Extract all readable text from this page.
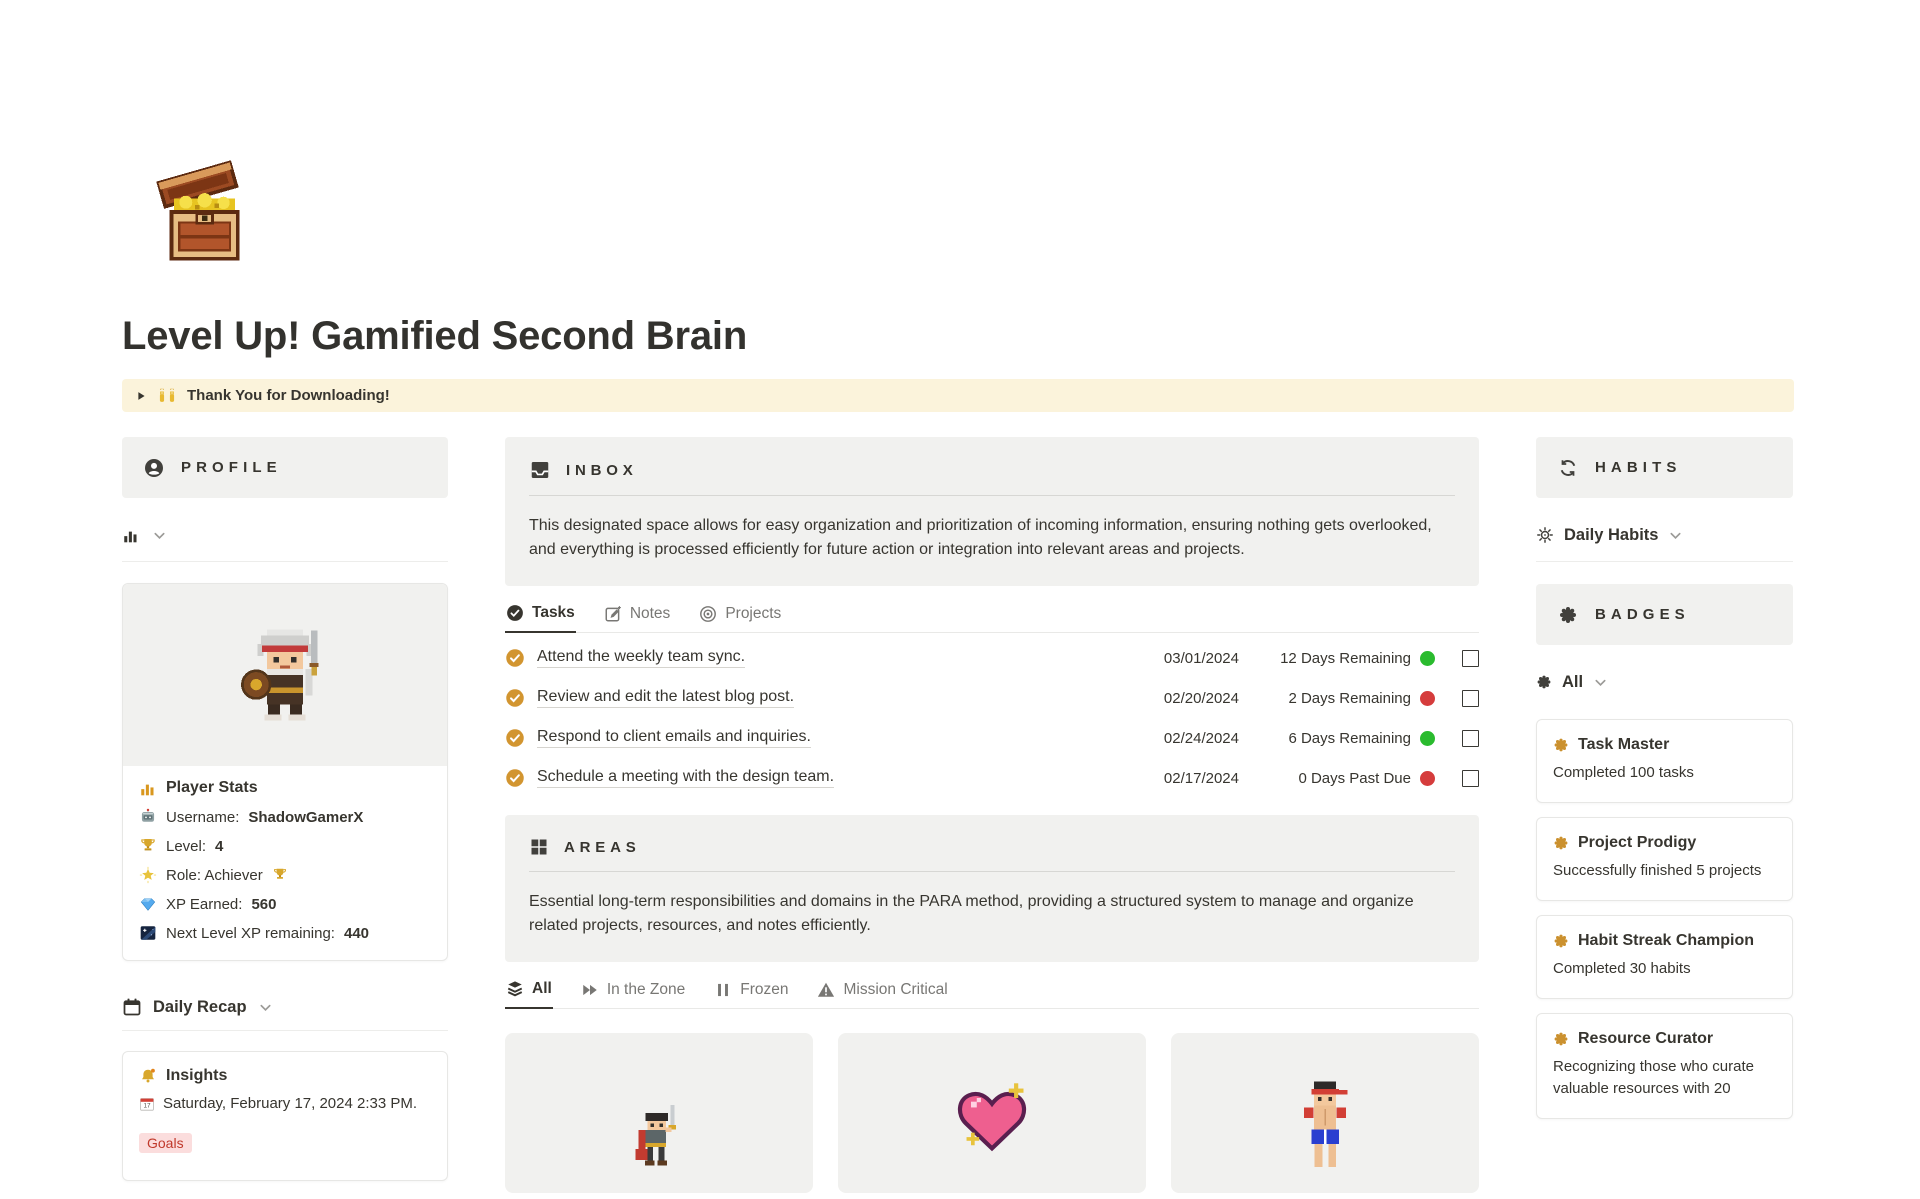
Level Up! Gamified Second Brain
Thank You for Downloading!
PROFILE
Player Stats
Username: ShadowGamerX
Level: 4
Role: Achiever
XP Earned: 560
Next Level XP remaining: 440
Daily Recap
Insights
17 Saturday, February 17, 2024 2:33 PM.
Goals
INBOX

This designated space allows for easy organization and prioritization of incoming information, ensuring nothing gets overlooked, and everything is processed efficiently for future action or integration into relevant areas and projects.

Tasks	Notes	Projects
Attend the weekly team sync.	03/01/2024	12 Days Remaining
Review and edit the latest blog post.	02/20/2024	2 Days Remaining
Respond to client emails and inquiries.	02/24/2024	6 Days Remaining
Schedule a meeting with the design team.	02/17/2024	0 Days Past Due
AREAS

Essential long-term responsibilities and domains in the PARA method, providing a structured system to manage and organize related projects, resources, and notes efficiently.

All	In the Zone	Frozen	Mission Critical
HABITS
Daily Habits
BADGES
All
Task Master
Completed 100 tasks
Project Prodigy
Successfully finished 5 projects
Habit Streak Champion
Completed 30 habits
Resource Curator
Recognizing those who curate valuable resources with 20
